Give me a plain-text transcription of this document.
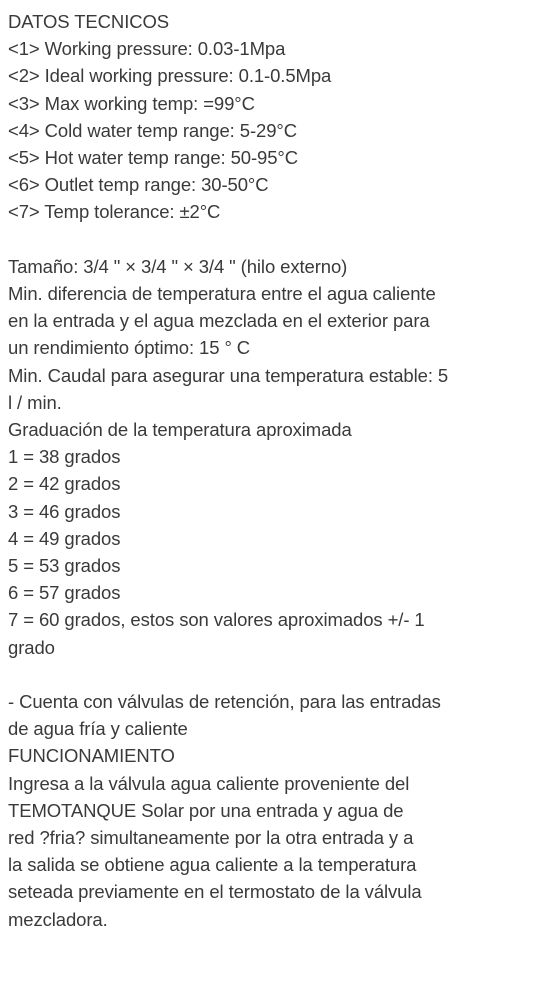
DATOS TECNICOS
<1> Working pressure: 0.03-1Mpa
<2> Ideal working pressure: 0.1-0.5Mpa
<3> Max working temp: =99°C
<4> Cold water temp range: 5-29°C
<5> Hot water temp range: 50-95°C
<6> Outlet temp range: 30-50°C
<7> Temp tolerance: ±2°C
Tamaño: 3/4 " × 3/4 " × 3/4 " (hilo externo)
Min. diferencia de temperatura entre el agua caliente
en la entrada y el agua mezclada en el exterior para
un rendimiento óptimo: 15 ° C
Min. Caudal para asegurar una temperatura estable: 5
l / min.
Graduación de la temperatura aproximada
1 = 38 grados
2 = 42 grados
3 = 46 grados
4 = 49 grados
5 = 53 grados
6 = 57 grados
7 = 60 grados, estos son valores aproximados +/- 1
grado
- Cuenta con válvulas de retención, para las entradas
de agua fría y caliente
FUNCIONAMIENTO
Ingresa a la válvula agua caliente proveniente del
TEMOTANQUE Solar por una entrada y agua de
red ?fria? simultaneamente por la otra entrada y a
la salida se obtiene agua caliente a la temperatura
seteada previamente en el termostato de la válvula
mezcladora.
